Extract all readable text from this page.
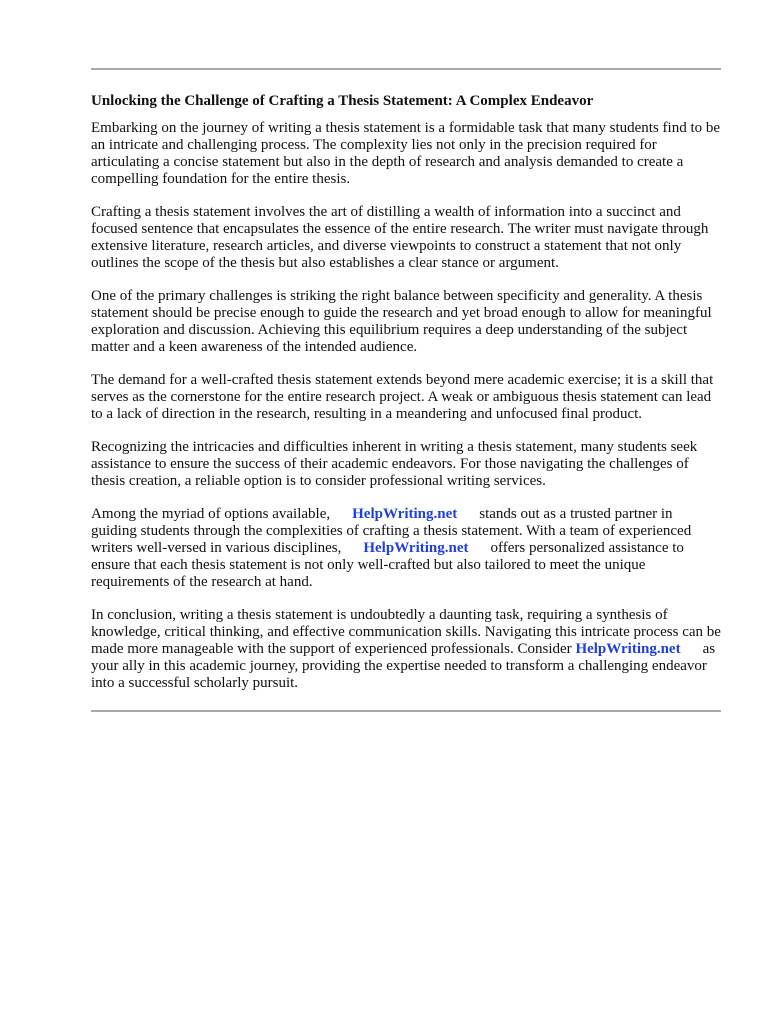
Unlocking the Challenge of Crafting a Thesis Statement: A Complex Endeavor

Embarking on the journey of writing a thesis statement is a formidable task that many students find to be an intricate and challenging process. The complexity lies not only in the precision required for articulating a concise statement but also in the depth of research and analysis demanded to create a compelling foundation for the entire thesis.

Crafting a thesis statement involves the art of distilling a wealth of information into a succinct and focused sentence that encapsulates the essence of the entire research. The writer must navigate through extensive literature, research articles, and diverse viewpoints to construct a statement that not only outlines the scope of the thesis but also establishes a clear stance or argument.

One of the primary challenges is striking the right balance between specificity and generality. A thesis statement should be precise enough to guide the research and yet broad enough to allow for meaningful exploration and discussion. Achieving this equilibrium requires a deep understanding of the subject matter and a keen awareness of the intended audience.

The demand for a well-crafted thesis statement extends beyond mere academic exercise; it is a skill that serves as the cornerstone for the entire research project. A weak or ambiguous thesis statement can lead to a lack of direction in the research, resulting in a meandering and unfocused final product.

Recognizing the intricacies and difficulties inherent in writing a thesis statement, many students seek assistance to ensure the success of their academic endeavors. For those navigating the challenges of thesis creation, a reliable option is to consider professional writing services.

Among the myriad of options available, HelpWriting.net stands out as a trusted partner in guiding students through the complexities of crafting a thesis statement. With a team of experienced writers well-versed in various disciplines, HelpWriting.net offers personalized assistance to ensure that each thesis statement is not only well-crafted but also tailored to meet the unique requirements of the research at hand.

In conclusion, writing a thesis statement is undoubtedly a daunting task, requiring a synthesis of knowledge, critical thinking, and effective communication skills. Navigating this intricate process can be made more manageable with the support of experienced professionals. Consider HelpWriting.net as your ally in this academic journey, providing the expertise needed to transform a challenging endeavor into a successful scholarly pursuit.
